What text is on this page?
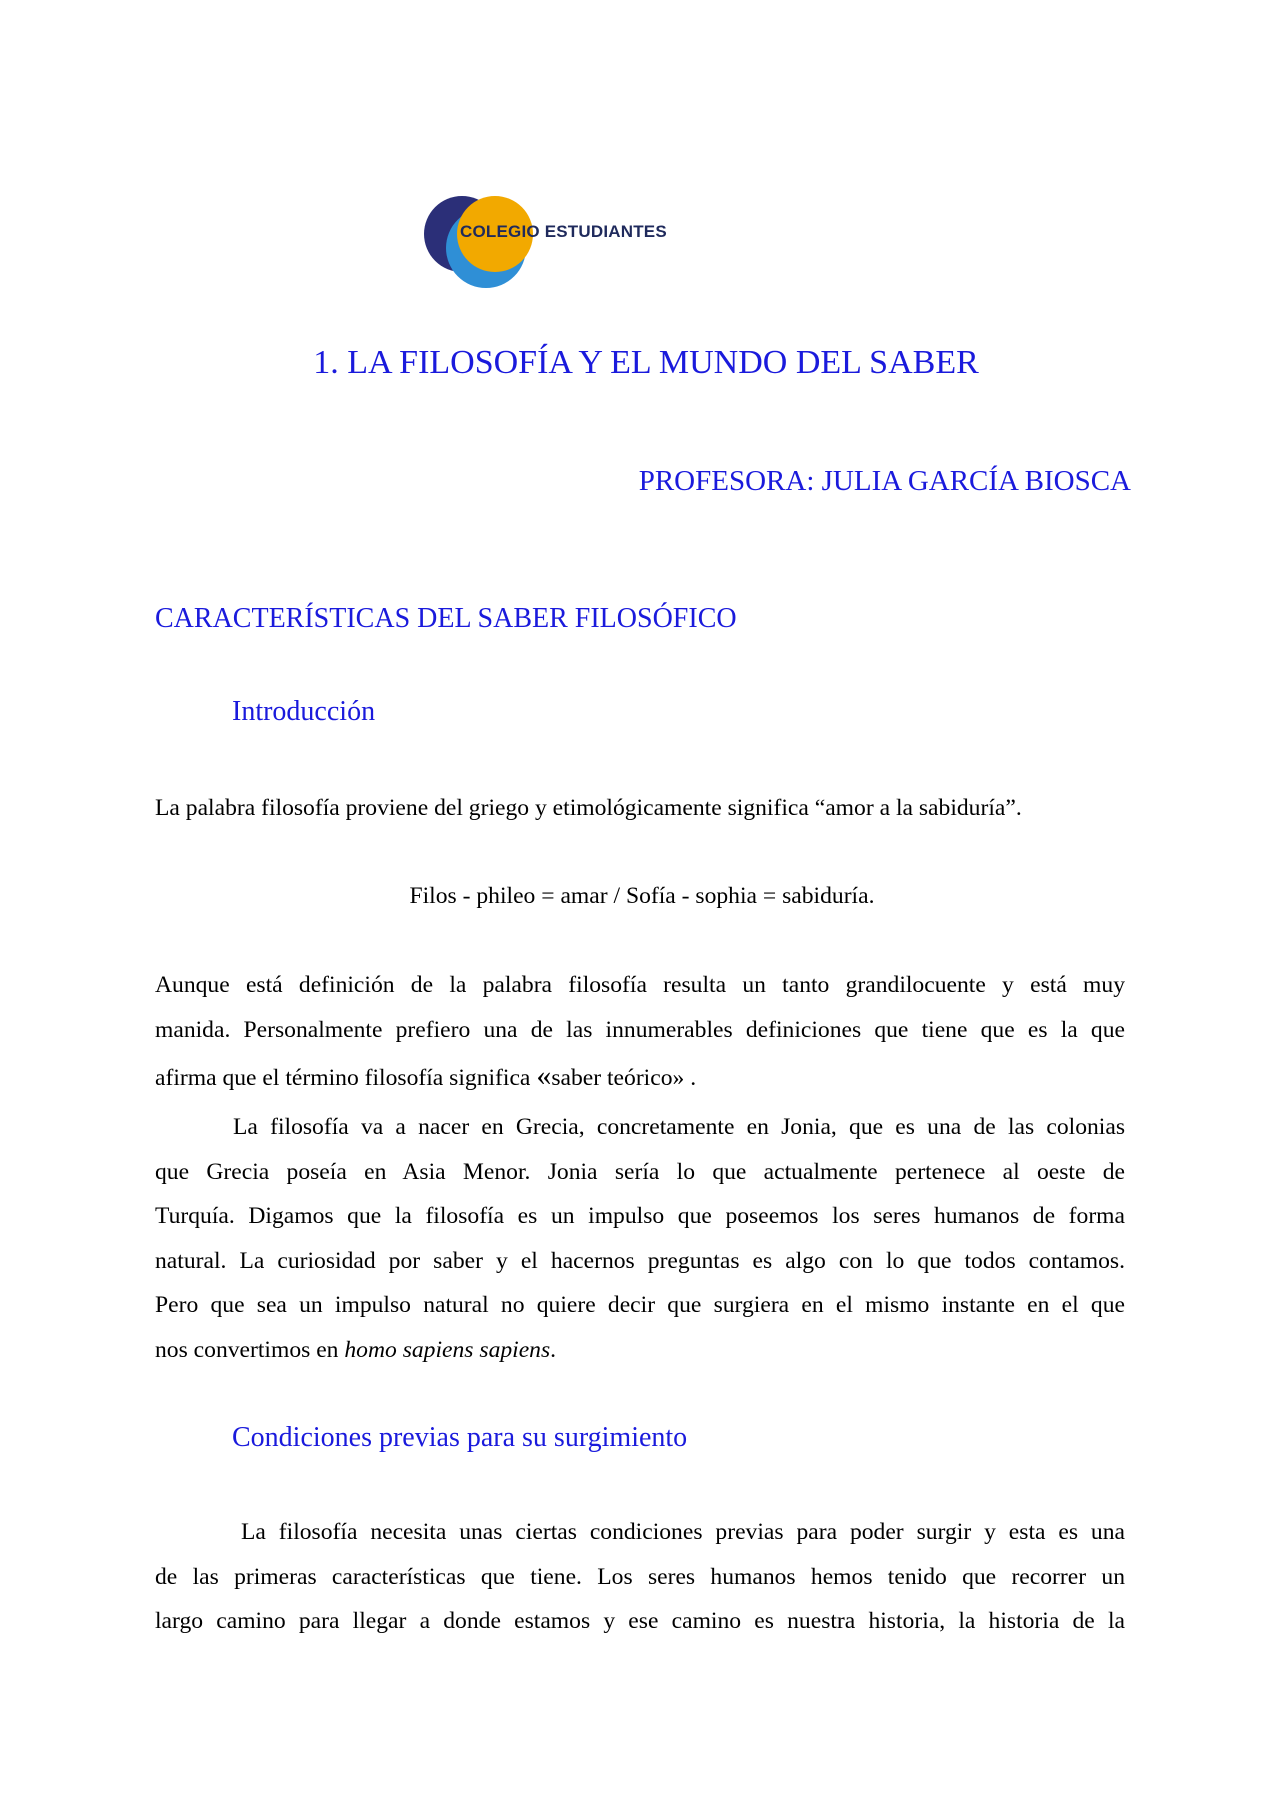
COLEGIO ESTUDIANTES
1. LA FILOSOFÍA Y EL MUNDO DEL SABER

PROFESORA: JULIA GARCÍA BIOSCA

CARACTERÍSTICAS DEL SABER FILOSÓFICO
Introducción

La palabra filosofía proviene del griego y etimológicamente significa “amor a la sabiduría”.

Filos - phileo = amar / Sofía - sophia = sabiduría.

Aunque está definición de la palabra filosofía resulta un tanto grandilocuente y está muy
manida. Personalmente prefiero una de las innumerables definiciones que tiene que es la que
afirma que el término filosofía significa «saber teórico» .
La filosofía va a nacer en Grecia, concretamente en Jonia, que es una de las colonias
que Grecia poseía en Asia Menor. Jonia sería lo que actualmente pertenece al oeste de
Turquía. Digamos que la filosofía es un impulso que poseemos los seres humanos de forma
natural. La curiosidad por saber y el hacernos preguntas es algo con lo que todos contamos.
Pero que sea un impulso natural no quiere decir que surgiera en el mismo instante en el que
nos convertimos en homo sapiens sapiens.
Condiciones previas para su surgimiento
La filosofía necesita unas ciertas condiciones previas para poder surgir y esta es una
de las primeras características que tiene. Los seres humanos hemos tenido que recorrer un
largo camino para llegar a donde estamos y ese camino es nuestra historia, la historia de la
